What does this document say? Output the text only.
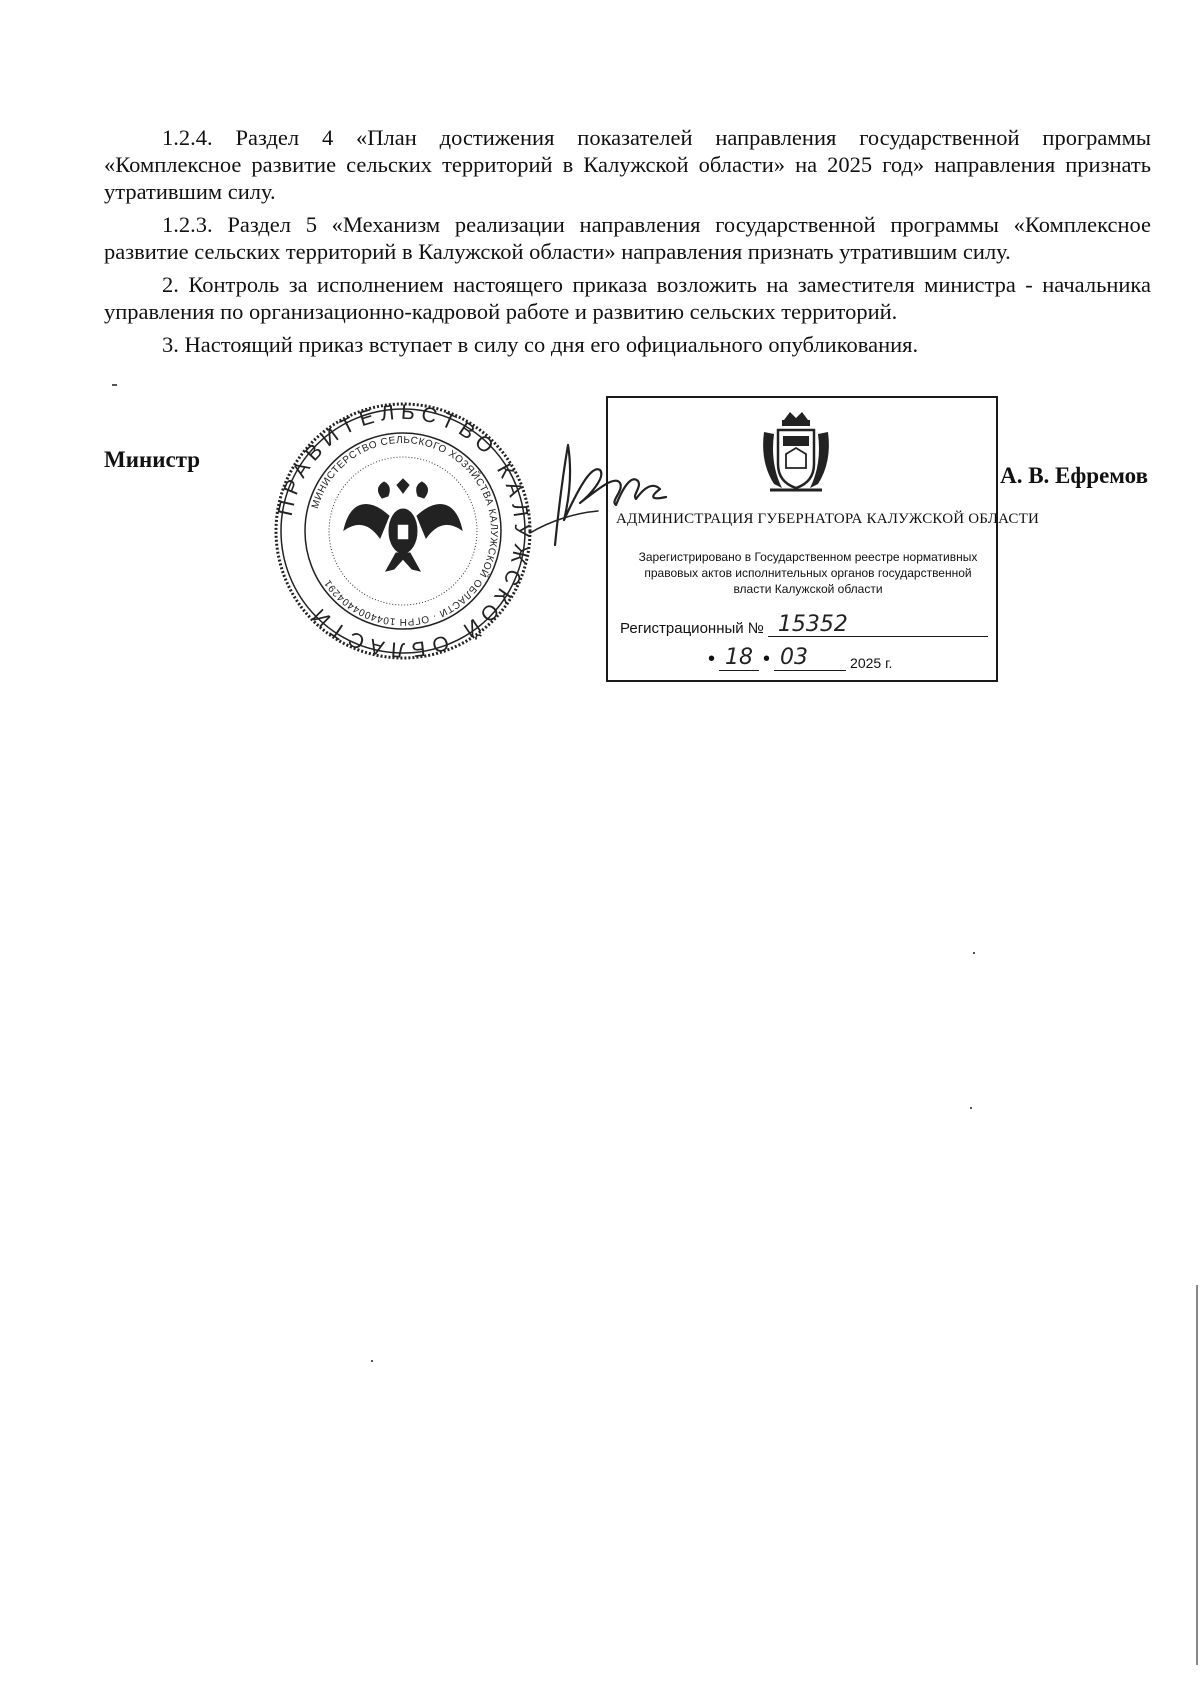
1.2.4. Раздел 4 «План достижения показателей направления государственной программы «Комплексное развитие сельских территорий в Калужской области» на 2025 год» направления признать утратившим силу.

1.2.3. Раздел 5 «Механизм реализации направления государственной программы «Комплексное развитие сельских территорий в Калужской области» направления признать утратившим силу.

2. Контроль за исполнением настоящего приказа возложить на заместителя министра - начальника управления по организационно-кадровой работе и развитию сельских территорий.

3. Настоящий приказ вступает в силу со дня его официального опубликования.

Министр
А. В. Ефремов
ПРАВИТЕЛЬСТВО КАЛУЖСКОЙ ОБЛАСТИ
МИНИСТЕРСТВО СЕЛЬСКОГО ХОЗЯЙСТВА КАЛУЖСКОЙ ОБЛАСТИ · ОГРН 1044004404291
АДМИНИСТРАЦИЯ ГУБЕРНАТОРА КАЛУЖСКОЙ ОБЛАСТИ
Зарегистрировано в Государственном реестре нормативных правовых актов исполнительных органов государственной власти Калужской области
Регистрационный № 15352
• 18 • 03	2025 г.
